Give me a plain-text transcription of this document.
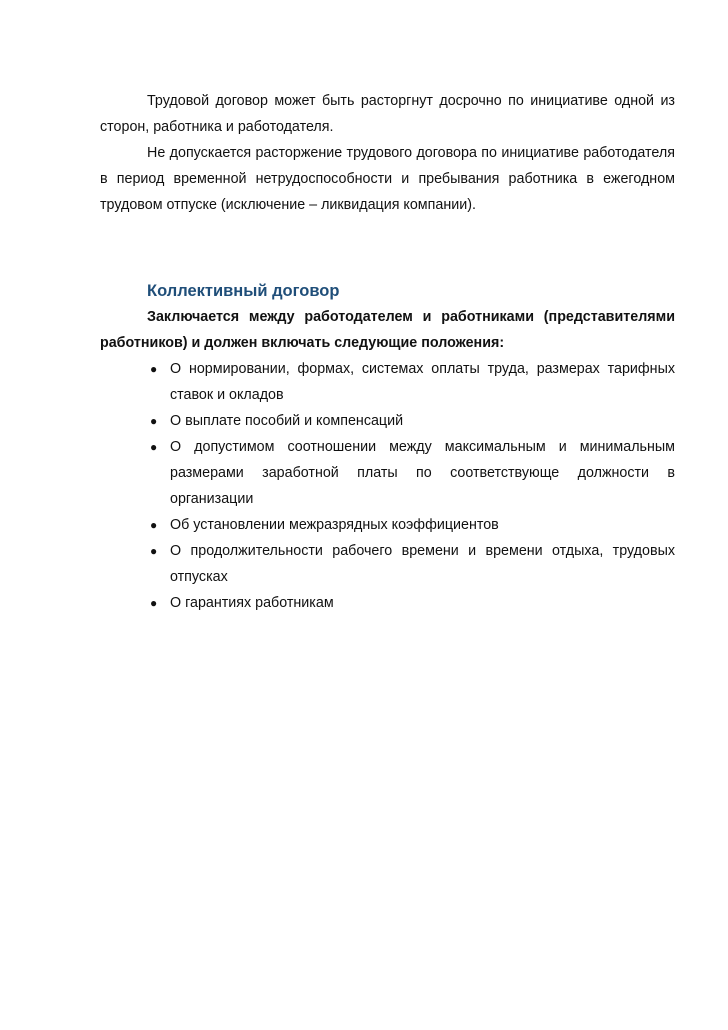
Трудовой договор может быть расторгнут досрочно по инициативе одной из сторон, работника и работодателя.

Не допускается расторжение трудового договора по инициативе работодателя в период временной нетрудоспособности и пребывания работника в ежегодном трудовом отпуске (исключение – ликвидация компании).

Коллективный договор

Заключается между работодателем и работниками (представителями работников) и должен включать следующие положения:

● О нормировании, формах, системах оплаты труда, размерах тарифных ставок и окладов
● О выплате пособий и компенсаций
● О допустимом соотношении между максимальным и минимальным размерами заработной платы по соответствующе должности в организации
● Об установлении межразрядных коэффициентов
● О продолжительности рабочего времени и времени отдыха, трудовых отпусках
● О гарантиях работникам
